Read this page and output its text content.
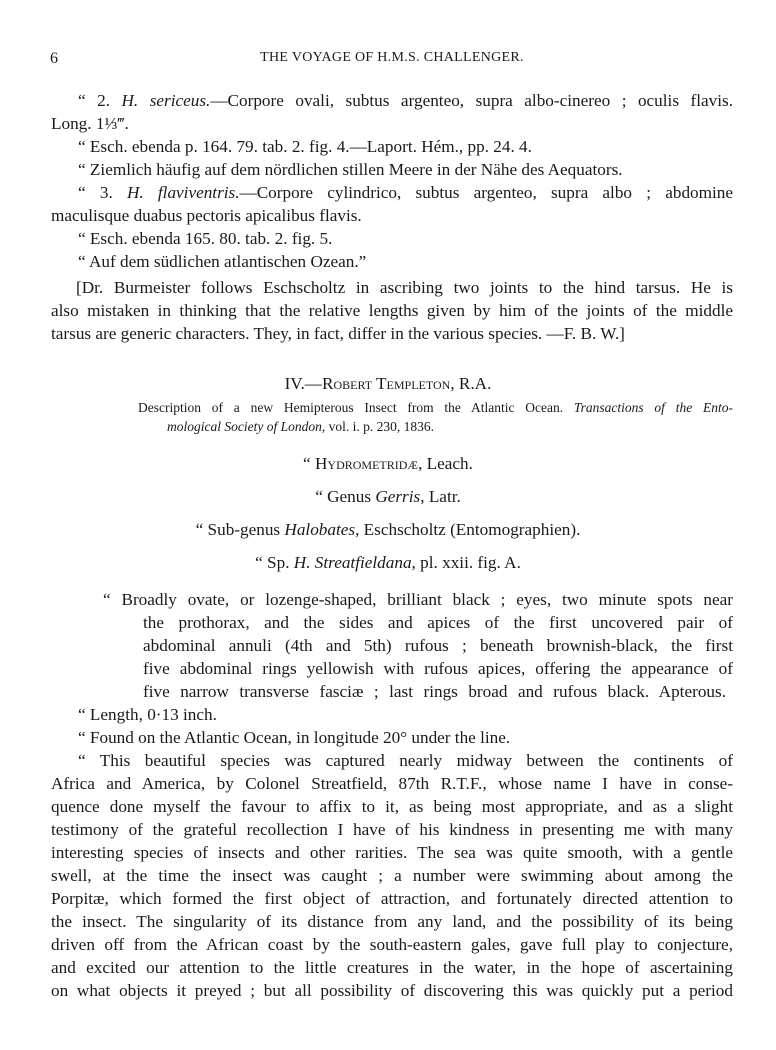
6	THE VOYAGE OF H.M.S. CHALLENGER.
“ 2. H. sericeus.—Corpore ovali, subtus argenteo, supra albo-cinereo ; oculis flavis.
Long. 1⅓‴.
“ Esch. ebenda p. 164. 79. tab. 2. fig. 4.—Laport. Hém., pp. 24. 4.
“ Ziemlich häufig auf dem nördlichen stillen Meere in der Nähe des Aequators.
“ 3. H. flaviventris.—Corpore cylindrico, subtus argenteo, supra albo ; abdomine
maculisque duabus pectoris apicalibus flavis.
“ Esch. ebenda 165. 80. tab. 2. fig. 5.
“ Auf dem südlichen atlantischen Ozean.”
[Dr. Burmeister follows Eschscholtz in ascribing two joints to the hind tarsus. He is
also mistaken in thinking that the relative lengths given by him of the joints of the middle
tarsus are generic characters. They, in fact, differ in the various species. —F. B. W.]
IV.—Robert Templeton, R.A.
Description of a new Hemipterous Insect from the Atlantic Ocean. Transactions of the Ento-
mological Society of London, vol. i. p. 230, 1836.
“ Hydrometridæ, Leach.
“ Genus Gerris, Latr.
“ Sub-genus Halobates, Eschscholtz (Entomographien).
“ Sp. H. Streatfieldana, pl. xxii. fig. A.
“ Broadly ovate, or lozenge-shaped, brilliant black ; eyes, two minute spots near
the prothorax, and the sides and apices of the first uncovered pair of
abdominal annuli (4th and 5th) rufous ; beneath brownish-black, the first
five abdominal rings yellowish with rufous apices, offering the appearance of
five narrow transverse fasciæ ; last rings broad and rufous black. Apterous.
“ Length, 0·13 inch.
“ Found on the Atlantic Ocean, in longitude 20° under the line.
“ This beautiful species was captured nearly midway between the continents of
Africa and America, by Colonel Streatfield, 87th R.T.F., whose name I have in conse-
quence done myself the favour to affix to it, as being most appropriate, and as a slight
testimony of the grateful recollection I have of his kindness in presenting me with many
interesting species of insects and other rarities. The sea was quite smooth, with a gentle
swell, at the time the insect was caught ; a number were swimming about among the
Porpitæ, which formed the first object of attraction, and fortunately directed attention to
the insect. The singularity of its distance from any land, and the possibility of its being
driven off from the African coast by the south-eastern gales, gave full play to conjecture,
and excited our attention to the little creatures in the water, in the hope of ascertaining
on what objects it preyed ; but all possibility of discovering this was quickly put a period
